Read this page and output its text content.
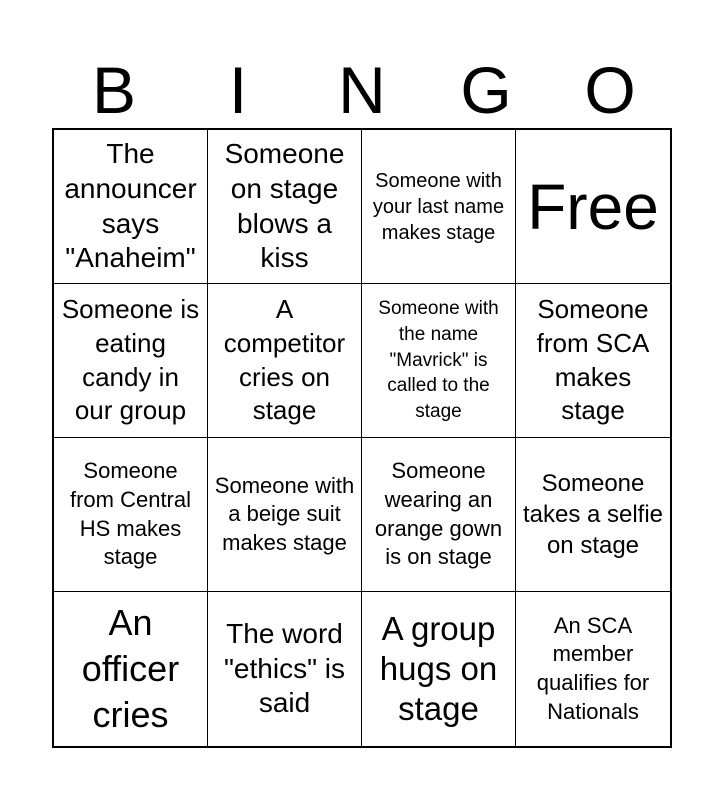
B	I	N	G	O
The announcer says "Anaheim"
Someone on stage blows a kiss
Someone with your last name makes stage Free
Someone is eating candy in our group
A competitor cries on stage
Someone with the name "Mavrick" is called to the stage
Someone from SCA makes stage
Someone from Central HS makes stage
Someone with a beige suit makes stage
Someone wearing an orange gown is on stage
Someone takes a selfie on stage
An officer cries
The word "ethics" is said
A group hugs on stage
An SCA member qualifies for Nationals
